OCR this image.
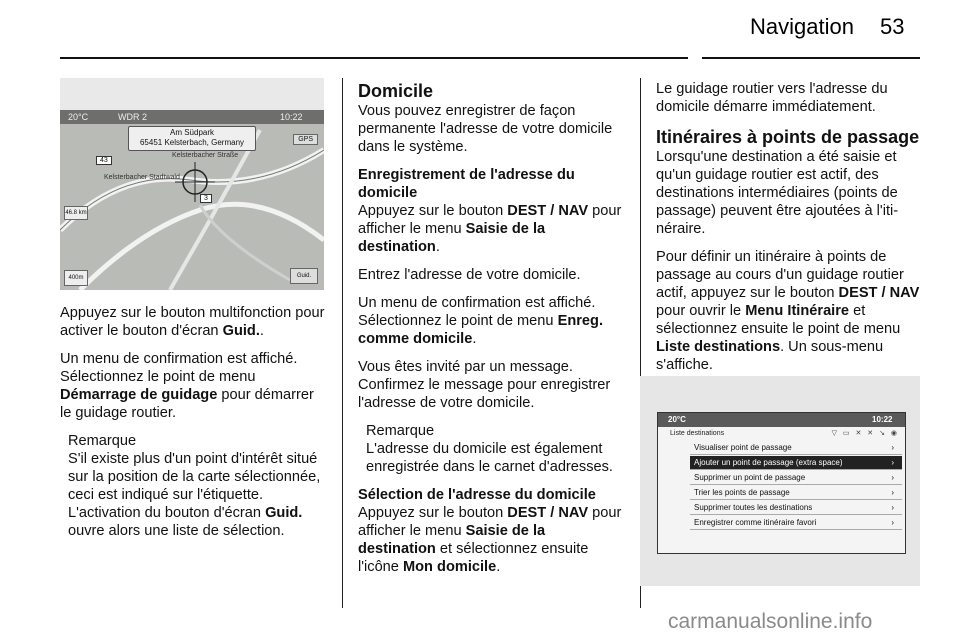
Navigation 53
20°C	WDR 2	10:22
Am Südpark
65451 Kelsterbach, Germany	GPS
Kelsterbacher Straße
Kelsterbacher Stadtwald
43
3
46.8 km
400m	Guid.

Appuyez sur le bouton multifonction pour activer le bouton d'écran Guid..

Un menu de confirmation est affiché. Sélectionnez le point de menu Démarrage de guidage pour démarrer le guidage routier.

Remarque
S'il existe plus d'un point d'intérêt situé sur la position de la carte sélectionnée, ceci est indiqué sur l'étiquette. L'activation du bouton d'écran Guid. ouvre alors une liste de sélection.
Domicile

Vous pouvez enregistrer de façon permanente l'adresse de votre domicile dans le système.

Enregistrement de l'adresse du domicile

Appuyez sur le bouton DEST / NAV pour afficher le menu Saisie de la destination.

Entrez l'adresse de votre domicile.

Un menu de confirmation est affiché. Sélectionnez le point de menu Enreg. comme domicile.

Vous êtes invité par un message. Confirmez le message pour enregistrer l'adresse de votre domicile.

Remarque
L'adresse du domicile est également enregistrée dans le carnet d'adresses.
Sélection de l'adresse du domicile

Appuyez sur le bouton DEST / NAV pour afficher le menu Saisie de la destination et sélectionnez ensuite l'icône Mon domicile.

Le guidage routier vers l'adresse du domicile démarre immédiatement.

Itinéraires à points de passage

Lorsqu'une destination a été saisie et qu'un guidage routier est actif, des destinations intermédiaires (points de passage) peuvent être ajoutées à l'itinéraire.

Pour définir un itinéraire à points de passage au cours d'un guidage routier actif, appuyez sur le bouton DEST / NAV pour ouvrir le Menu Itinéraire et sélectionnez ensuite le point de menu Liste destinations. Un sous-menu s'affiche.

20°C	10:22
Liste destinations	▽ ▭ ✕ ✕ ↘ ◉
Visualiser point de passage	›
Ajouter un point de passage (extra space)	›
Supprimer un point de passage	›
Trier les points de passage	›
Supprimer toutes les destinations	›
Enregistrer comme itinéraire favori	›
carmanualsonline.info
